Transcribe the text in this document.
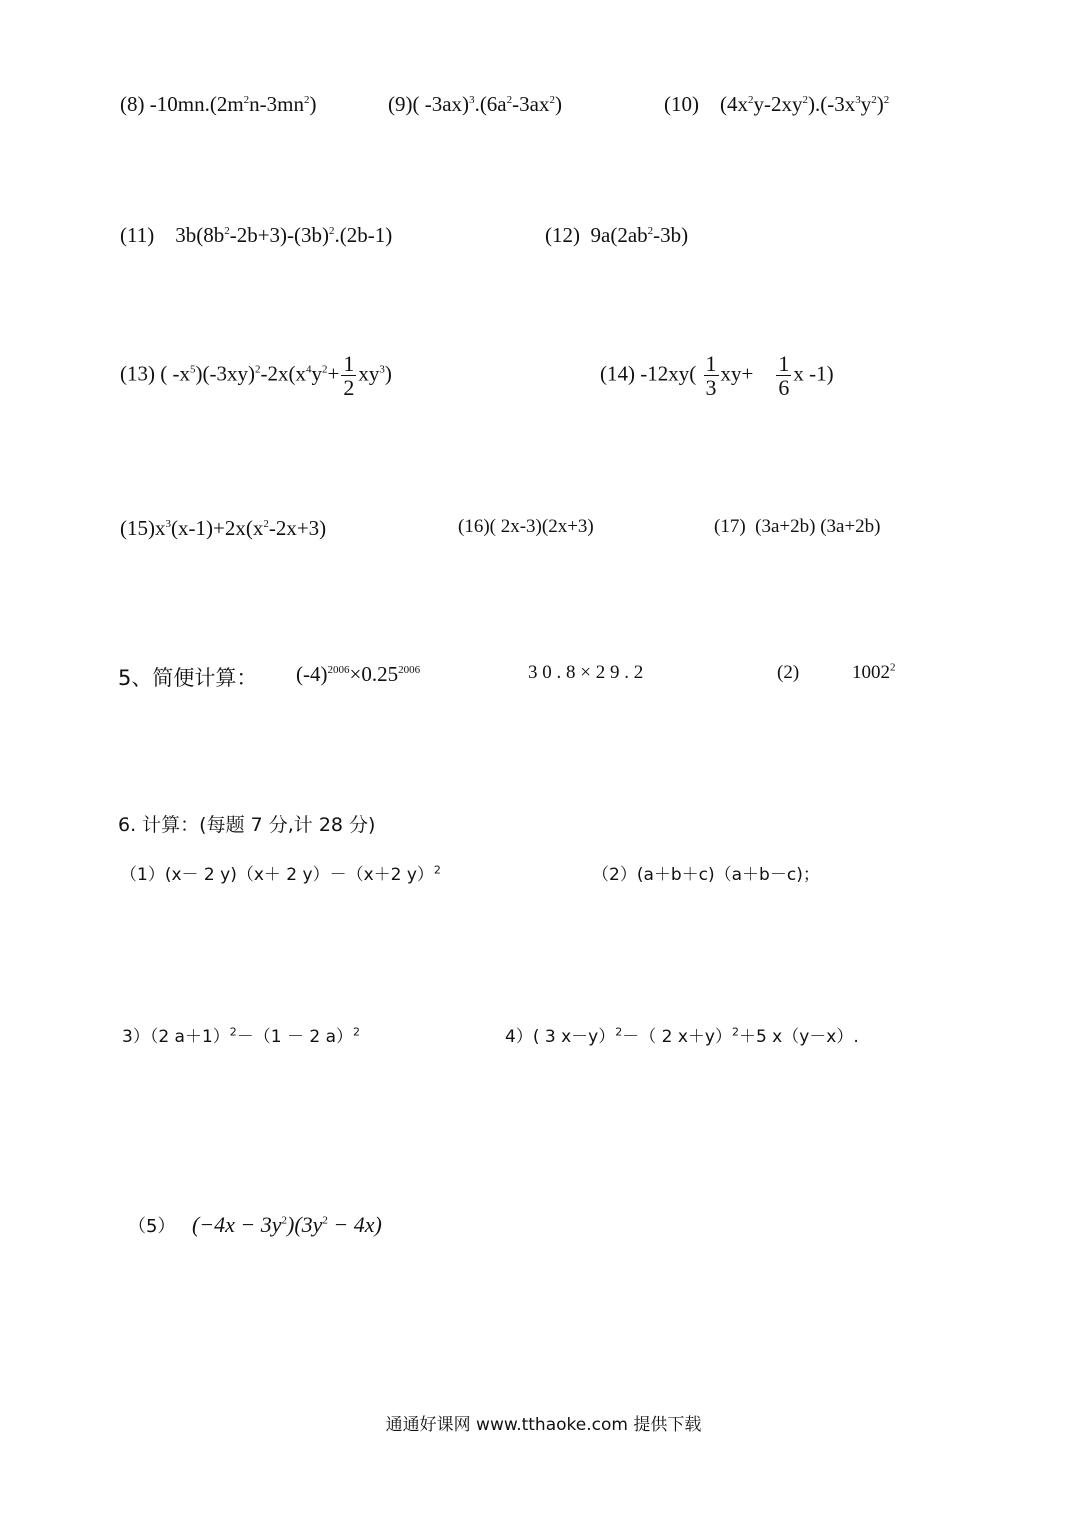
(8) $-10mn.(2m^2n-3mn^2)$	(9)( $-3ax)^3.(6a^2-3ax^2)$	(10) $(4x^2y-2xy^2).(-3x^3y^2)^2$
(11) $3b(8b^2-2b+3)-(3b)^2.(2b-1)$	(12) $9a(2ab^2-3b)$
(13) ( $-x^5)(-3xy)^2-2x(x^4y^2+ \frac{1}{2} xy^3)$	(14) $-12xy( \frac{1}{3} xy+ \frac{1}{6}$ x -1)
$(15)x^3(x-1)+2x(x^2-2x+3)$	(16)( 2x-3)(2x+3)	(17) (3a+2b) (3a+2b)
5、简便计算： $(-4)^{2006}\times 0.25^{2006}$	3 0 . 8 × 2 9 . 2	(2)	1002$^2$
6. 计算：(每题 7 分,计 28 分)
（1）(x－ 2 y)（x＋ 2 y）－（x＋2 y）$^2$	（2）(a＋b＋c)（a＋b－c)；
3）（2 a＋1）$^2$－（1 － 2 a）$^2$	4）( 3 x－y）$^2$－（ 2 x＋y）$^2$＋5 x（y－x）.
（5） $(-4x - 3y^2)(3y^2 - 4x)$
通通好课网 www.tthaoke.com 提供下载
